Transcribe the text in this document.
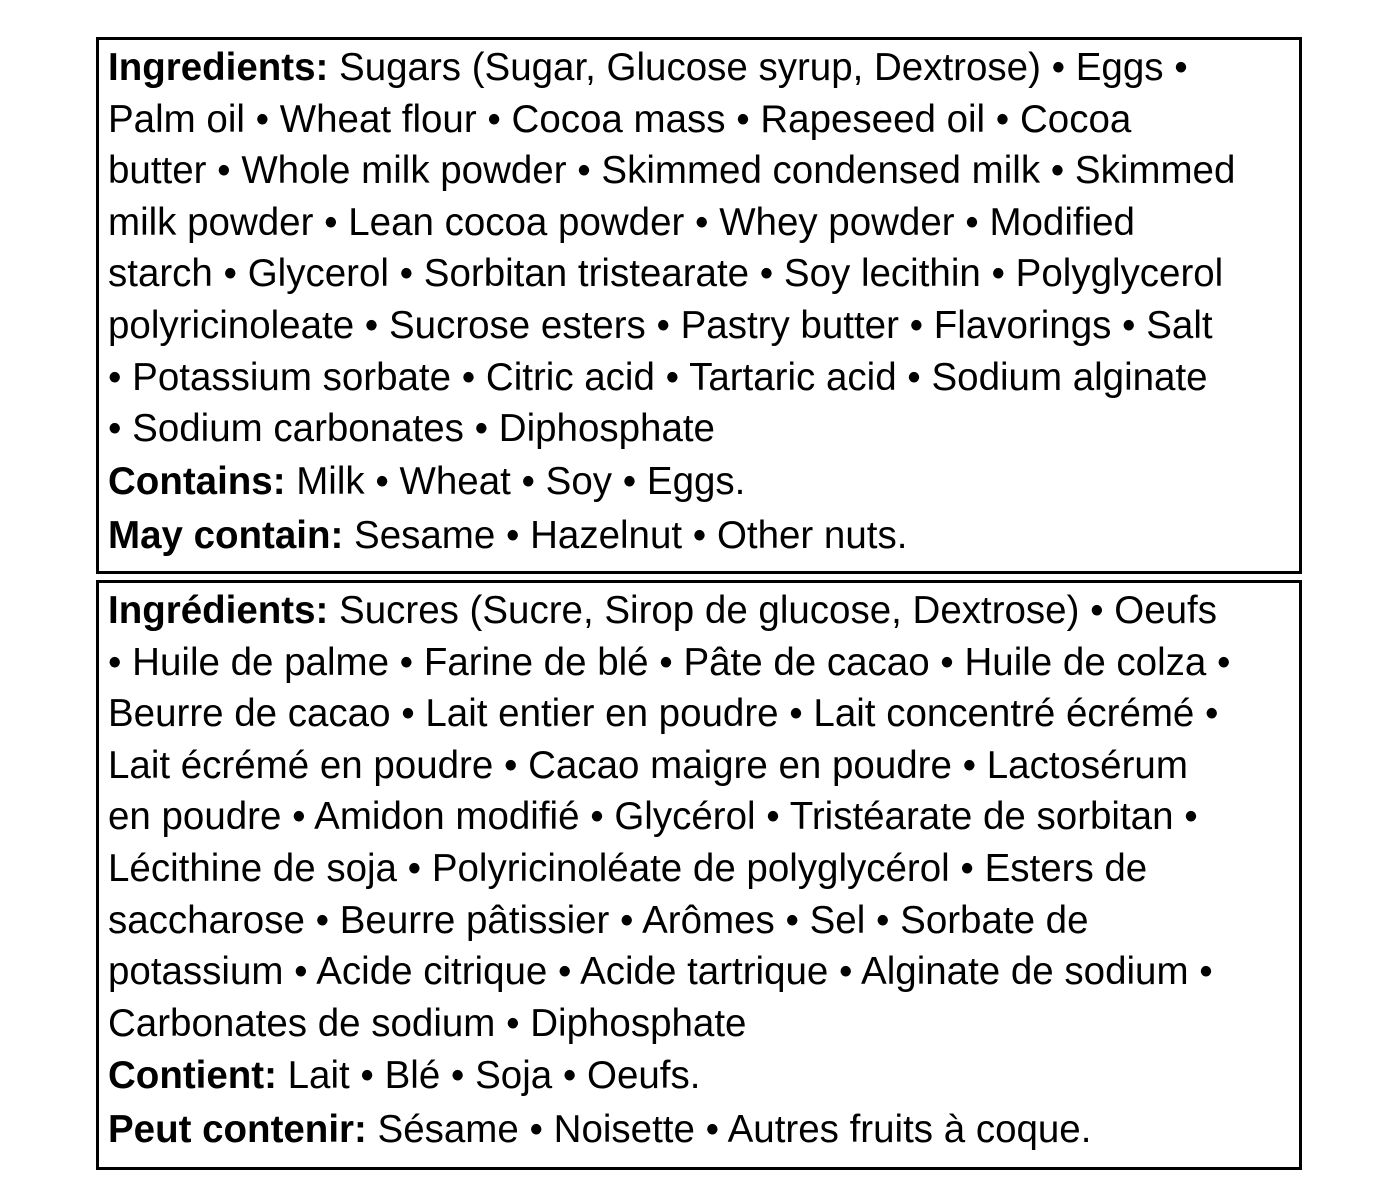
Ingredients: Sugars (Sugar, Glucose syrup, Dextrose) • Eggs •
Palm oil • Wheat flour • Cocoa mass • Rapeseed oil • Cocoa
butter • Whole milk powder • Skimmed condensed milk • Skimmed
milk powder • Lean cocoa powder • Whey powder • Modified
starch • Glycerol • Sorbitan tristearate • Soy lecithin • Polyglycerol
polyricinoleate • Sucrose esters • Pastry butter • Flavorings • Salt
• Potassium sorbate • Citric acid • Tartaric acid • Sodium alginate
• Sodium carbonates • Diphosphate
Contains: Milk • Wheat • Soy • Eggs.
May contain: Sesame • Hazelnut • Other nuts.
Ingrédients: Sucres (Sucre, Sirop de glucose, Dextrose) • Oeufs
• Huile de palme • Farine de blé • Pâte de cacao • Huile de colza •
Beurre de cacao • Lait entier en poudre • Lait concentré écrémé •
Lait écrémé en poudre • Cacao maigre en poudre • Lactosérum
en poudre • Amidon modifié • Glycérol • Tristéarate de sorbitan •
Lécithine de soja • Polyricinoléate de polyglycérol • Esters de
saccharose • Beurre pâtissier • Arômes • Sel • Sorbate de
potassium • Acide citrique • Acide tartrique • Alginate de sodium •
Carbonates de sodium • Diphosphate
Contient: Lait • Blé • Soja • Oeufs.
Peut contenir: Sésame • Noisette • Autres fruits à coque.
